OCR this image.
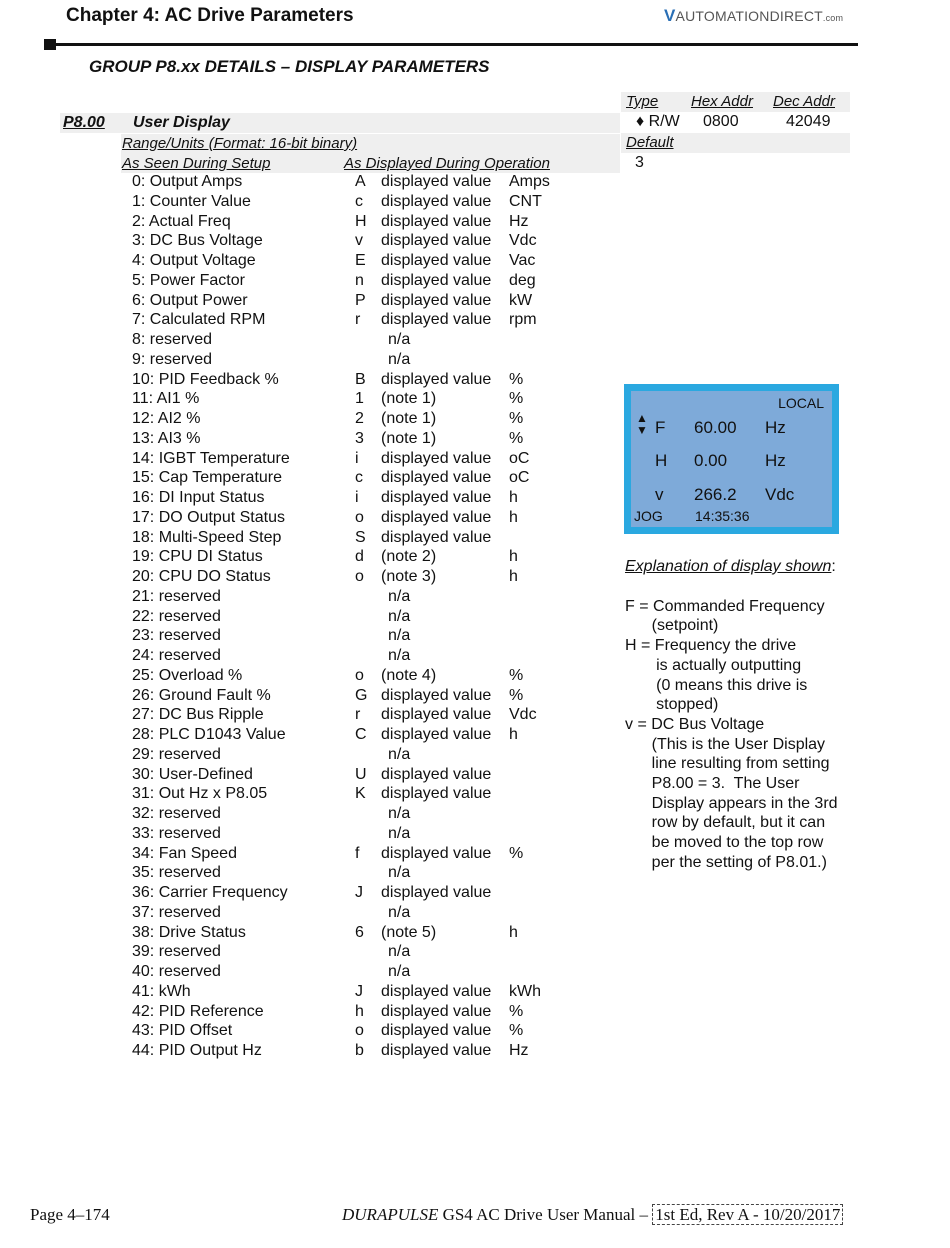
Chapter 4: AC Drive Parameters	VAUTOMATIONDIRECT.com
GROUP P8.xx DETAILS – DISPLAY PARAMETERS
Type Hex Addr Dec Addr
♦ R/W 0800	42049
Default
3
P8.00 User Display
Range/Units (Format: 16-bit binary)
As Seen During Setup	As Displayed During Operation
0: Output Amps	A displayed value Amps
1: Counter Value	c displayed value CNT
2: Actual Freq	H displayed value Hz
3: DC Bus Voltage	v displayed value Vdc
4: Output Voltage	E displayed value Vac
5: Power Factor	n displayed value deg
6: Output Power	P displayed value kW
7: Calculated RPM	r displayed value rpm
8: reserved	n/a
9: reserved	n/a
10: PID Feedback %	B displayed value %
11: AI1 %	1 (note 1)	%
12: AI2 %	2 (note 1)	%
13: AI3 %	3 (note 1)	%
14: IGBT Temperature	i displayed value oC
15: Cap Temperature	c displayed value oC
16: DI Input Status	i displayed value h
17: DO Output Status	o displayed value h
18: Multi-Speed Step	S displayed value
19: CPU DI Status	d (note 2)	h
20: CPU DO Status	o (note 3)	h
21: reserved	n/a
22: reserved	n/a
23: reserved	n/a
24: reserved	n/a
25: Overload %	o (note 4)	%
26: Ground Fault %	G displayed value %
27: DC Bus Ripple	r displayed value Vdc
28: PLC D1043 Value	C displayed value h
29: reserved	n/a
30: User-Defined	U displayed value
31: Out Hz x P8.05	K displayed value
32: reserved	n/a
33: reserved	n/a
34: Fan Speed	f displayed value %
35: reserved	n/a
36: Carrier Frequency	J displayed value
37: reserved	n/a
38: Drive Status	6 (note 5)	h
39: reserved	n/a
40: reserved	n/a
41: kWh	J displayed value kWh
42: PID Reference	h displayed value %
43: PID Offset	o displayed value %
44: PID Output Hz	b displayed value Hz
LOCAL
▲▼ F 60.00 Hz
H 0.00 Hz
v 266.2 Vdc
JOG 14:35:36

Explanation of display shown:

F = Commanded Frequency

(setpoint)

H = Frequency the drive

is actually outputting

(0 means this drive is

stopped)

v = DC Bus Voltage

(This is the User Display

line resulting from setting

P8.00 = 3.  The User

Display appears in the 3rd

row by default, but it can

be moved to the top row

per the setting of P8.01.)

Page 4–174	DURAPULSE GS4 AC Drive User Manual – 1st Ed, Rev A - 10/20/2017
